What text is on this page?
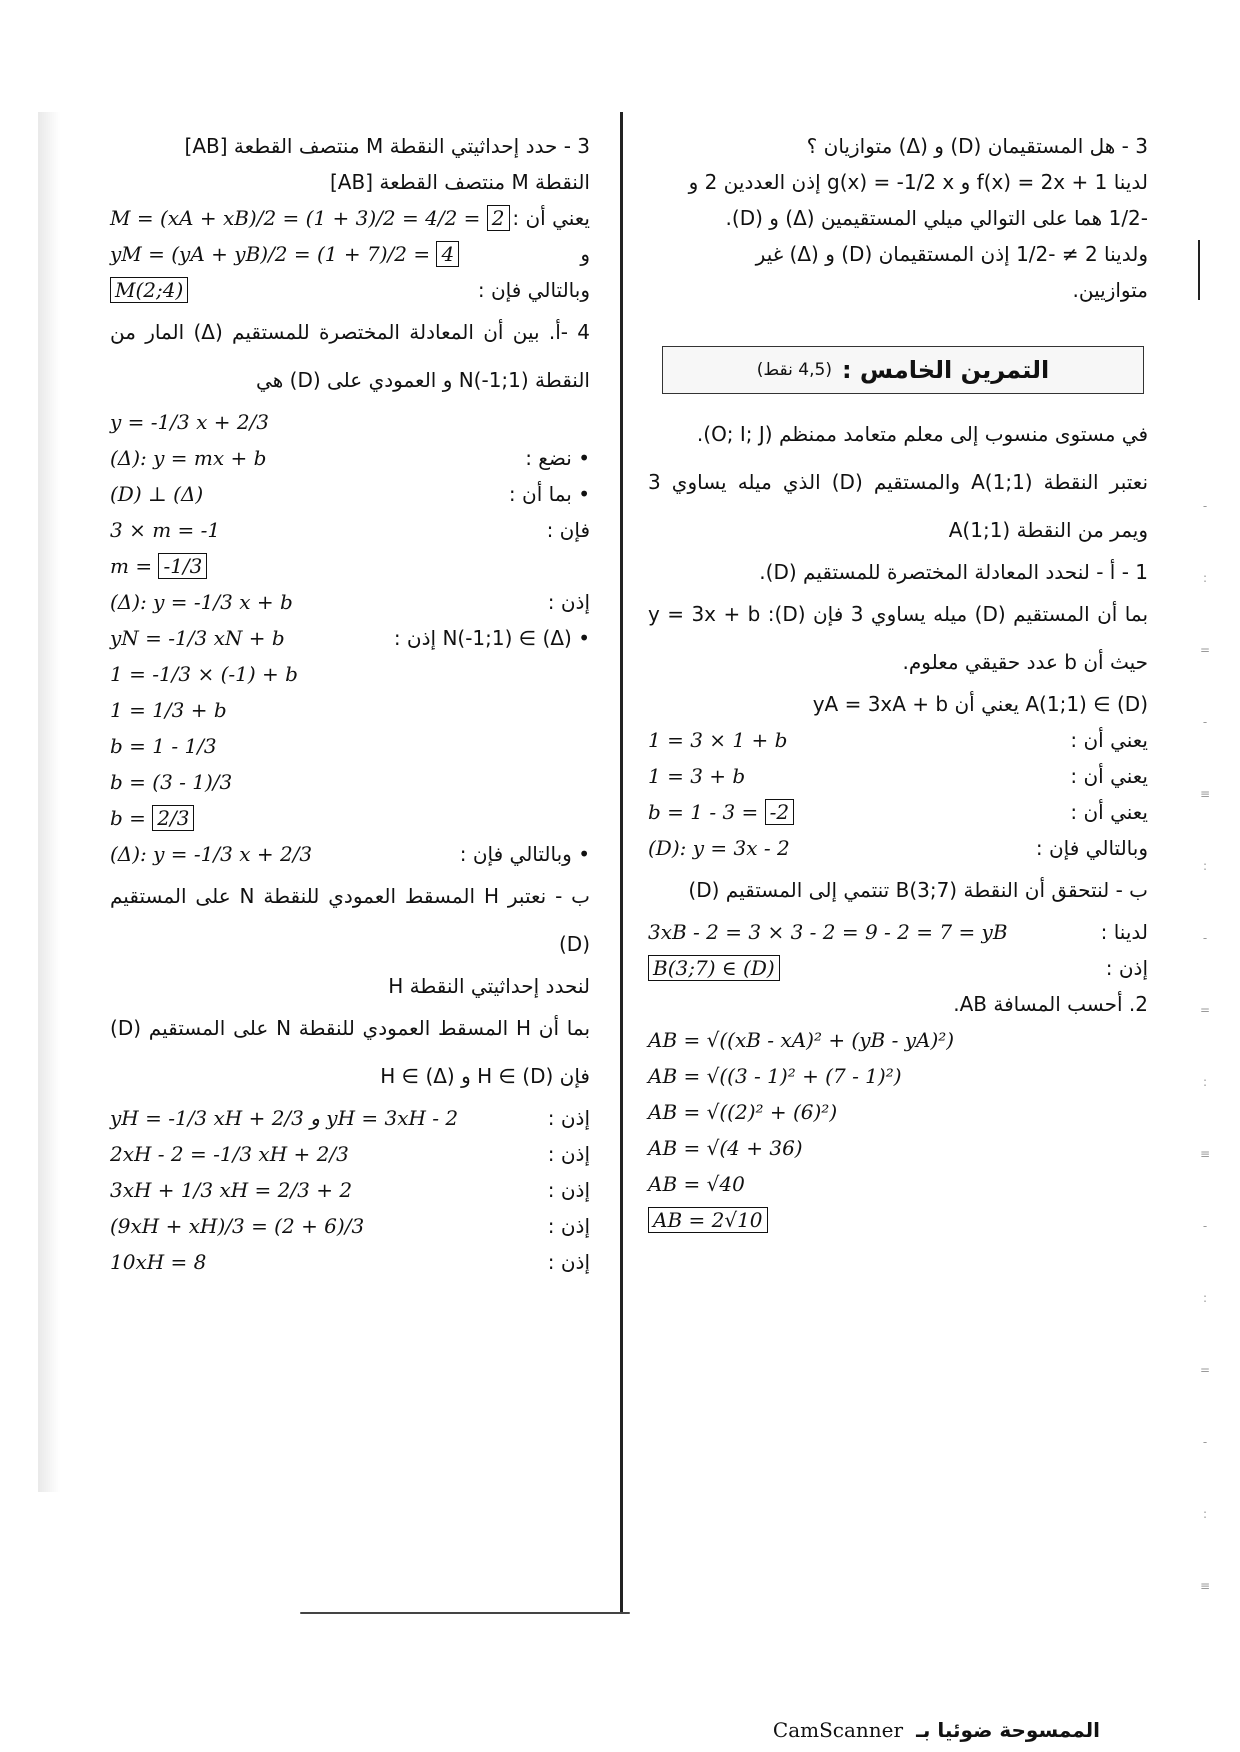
-
:
=
-
≡
:
-
=
:
≡
-
:
=
-
:
≡
3 - حدد إحداثيتي النقطة M منتصف القطعة [AB]
النقطة M منتصف القطعة [AB]
يعني أن :
M = (xA + xB)/2 = (1 + 3)/2 = 4/2 = 2
و
yM = (yA + yB)/2 = (1 + 7)/2 = 4
وبالتالي فإن :
M(2;4)
4 -أ. بين أن المعادلة المختصرة للمستقيم (Δ) المار من النقطة N(-1;1) و العمودي على (D) هي
y = -1/3 x + 2/3
• نضع :
(Δ): y = mx + b
• بما أن :
(D) ⊥ (Δ)
فإن :
3 × m = -1
m = -1/3
إذن :
(Δ): y = -1/3 x + b
• N(-1;1) ∈ (Δ) إذن :
yN = -1/3 xN + b
1 = -1/3 × (-1) + b
1 = 1/3 + b
b = 1 - 1/3
b = (3 - 1)/3
b = 2/3
• وبالتالي فإن :
(Δ): y = -1/3 x + 2/3
ب - نعتبر H المسقط العمودي للنقطة N على المستقيم (D)
لنحدد إحداثيتي النقطة H
بما أن H المسقط العمودي للنقطة N على المستقيم (D) فإن H ∈ (D) و H ∈ (Δ)
إذن :
yH = -1/3 xH + 2/3 و yH = 3xH - 2
إذن :
2xH - 2 = -1/3 xH + 2/3
إذن :
3xH + 1/3 xH = 2/3 + 2
إذن :
(9xH + xH)/3 = (2 + 6)/3
إذن :
10xH = 8
3 - هل المستقيمان (D) و (Δ) متوازيان ؟
لدينا f(x) = 2x + 1 و g(x) = -1/2 x إذن العددين 2 و
-1/2 هما على التوالي ميلي المستقيمين (Δ) و (D).
ولدينا 2 ≠ -1/2 إذن المستقيمان (D) و (Δ) غير
متوازيين.
التمرين الخامس :
(4,5 نقط)
في مستوى منسوب إلى معلم متعامد ممنظم (O; I; J).
نعتبر النقطة A(1;1) والمستقيم (D) الذي ميله يساوي 3 ويمر من النقطة A(1;1)
1 - أ - لنحدد المعادلة المختصرة للمستقيم (D).
بما أن المستقيم (D) ميله يساوي 3 فإن (D): y = 3x + b حيث أن b عدد حقيقي معلوم.
A(1;1) ∈ (D) يعني أن yA = 3xA + b
يعني أن :
1 = 3 × 1 + b
يعني أن :
1 = 3 + b
يعني أن :
b = 1 - 3 = -2
وبالتالي فإن :
(D): y = 3x - 2
ب - لنتحقق أن النقطة B(3;7) تنتمي إلى المستقيم (D)
لدينا :
3xB - 2 = 3 × 3 - 2 = 9 - 2 = 7 = yB
إذن :
B(3;7) ∈ (D)
2. أحسب المسافة AB.
AB = √((xB - xA)² + (yB - yA)²)
AB = √((3 - 1)² + (7 - 1)²)
AB = √((2)² + (6)²)
AB = √(4 + 36)
AB = √40
AB = 2√10
الممسوحة ضوئيا بـ CamScanner
